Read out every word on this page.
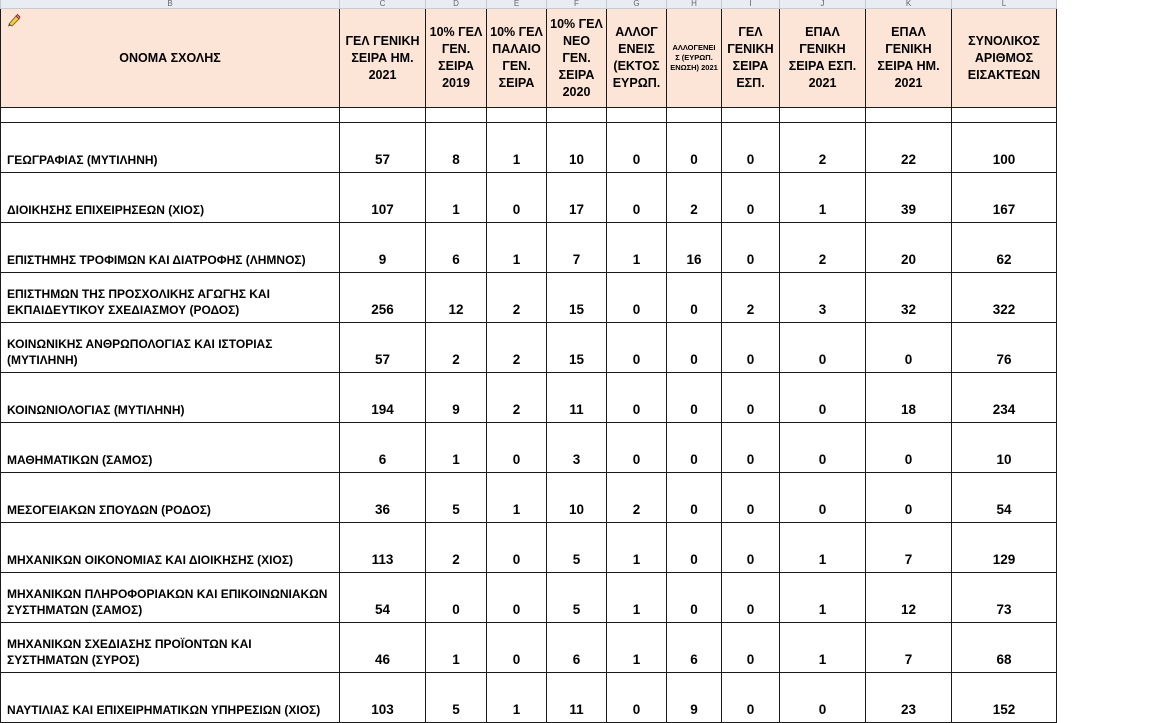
B	C	D	E	F	G	H	I	J	K	L

ΟΝΟΜΑ ΣΧΟΛΗΣ	ΓΕΛ ΓΕΝΙΚΗ ΣΕΙΡΑ ΗΜ. 2021	10% ΓΕΛ ΓΕΝ. ΣΕΙΡΑ 2019	10% ΓΕΛ ΠΑΛΑΙΟ ΓΕΝ. ΣΕΙΡΑ	10% ΓΕΛ ΝΕΟ ΓΕΝ. ΣΕΙΡΑ 2020	ΑΛΛΟΓ ΕΝΕΙΣ (ΕΚΤΟΣ ΕΥΡΩΠ.	ΑΛΛΟΓΕΝΕΙ Σ (ΕΥΡΩΠ. ΕΝΩΣΗ) 2021	ΓΕΛ ΓΕΝΙΚΗ ΣΕΙΡΑ ΕΣΠ.	ΕΠΑΛ ΓΕΝΙΚΗ ΣΕΙΡΑ ΕΣΠ. 2021	ΕΠΑΛ ΓΕΝΙΚΗ ΣΕΙΡΑ ΗΜ. 2021	ΣΥΝΟΛΙΚΟΣ ΑΡΙΘΜΟΣ ΕΙΣΑΚΤΕΩΝ

ΓΕΩΓΡΑΦΙΑΣ (ΜΥΤΙΛΗΝΗ)	57	8	1	10	0	0	0	2	22	100
ΔΙΟΙΚΗΣΗΣ ΕΠΙΧΕΙΡΗΣΕΩΝ (ΧΙΟΣ)	107	1	0	17	0	2	0	1	39	167
ΕΠΙΣΤΗΜΗΣ ΤΡΟΦΙΜΩΝ ΚΑΙ ΔΙΑΤΡΟΦΗΣ (ΛΗΜΝΟΣ)	9	6	1	7	1	16	0	2	20	62
ΕΠΙΣΤΗΜΩΝ ΤΗΣ ΠΡΟΣΧΟΛΙΚΗΣ ΑΓΩΓΗΣ ΚΑΙ ΕΚΠΑΙΔΕΥΤΙΚΟΥ ΣΧΕΔΙΑΣΜΟΥ (ΡΟΔΟΣ)	256	12	2	15	0	0	2	3	32	322
ΚΟΙΝΩΝΙΚΗΣ ΑΝΘΡΩΠΟΛΟΓΙΑΣ ΚΑΙ ΙΣΤΟΡΙΑΣ (ΜΥΤΙΛΗΝΗ)	57	2	2	15	0	0	0	0	0	76
ΚΟΙΝΩΝΙΟΛΟΓΙΑΣ (ΜΥΤΙΛΗΝΗ)	194	9	2	11	0	0	0	0	18	234
ΜΑΘΗΜΑΤΙΚΩΝ (ΣΑΜΟΣ)	6	1	0	3	0	0	0	0	0	10
ΜΕΣΟΓΕΙΑΚΩΝ ΣΠΟΥΔΩΝ (ΡΟΔΟΣ)	36	5	1	10	2	0	0	0	0	54
ΜΗΧΑΝΙΚΩΝ ΟΙΚΟΝΟΜΙΑΣ ΚΑΙ ΔΙΟΙΚΗΣΗΣ (ΧΙΟΣ)	113	2	0	5	1	0	0	1	7	129
ΜΗΧΑΝΙΚΩΝ ΠΛΗΡΟΦΟΡΙΑΚΩΝ ΚΑΙ ΕΠΙΚΟΙΝΩΝΙΑΚΩΝ ΣΥΣΤΗΜΑΤΩΝ (ΣΑΜΟΣ)	54	0	0	5	1	0	0	1	12	73
ΜΗΧΑΝΙΚΩΝ ΣΧΕΔΙΑΣΗΣ ΠΡΟΪΟΝΤΩΝ ΚΑΙ ΣΥΣΤΗΜΑΤΩΝ (ΣΥΡΟΣ)	46	1	0	6	1	6	0	1	7	68
ΝΑΥΤΙΛΙΑΣ ΚΑΙ ΕΠΙΧΕΙΡΗΜΑΤΙΚΩΝ ΥΠΗΡΕΣΙΩΝ (ΧΙΟΣ)	103	5	1	11	0	9	0	0	23	152
